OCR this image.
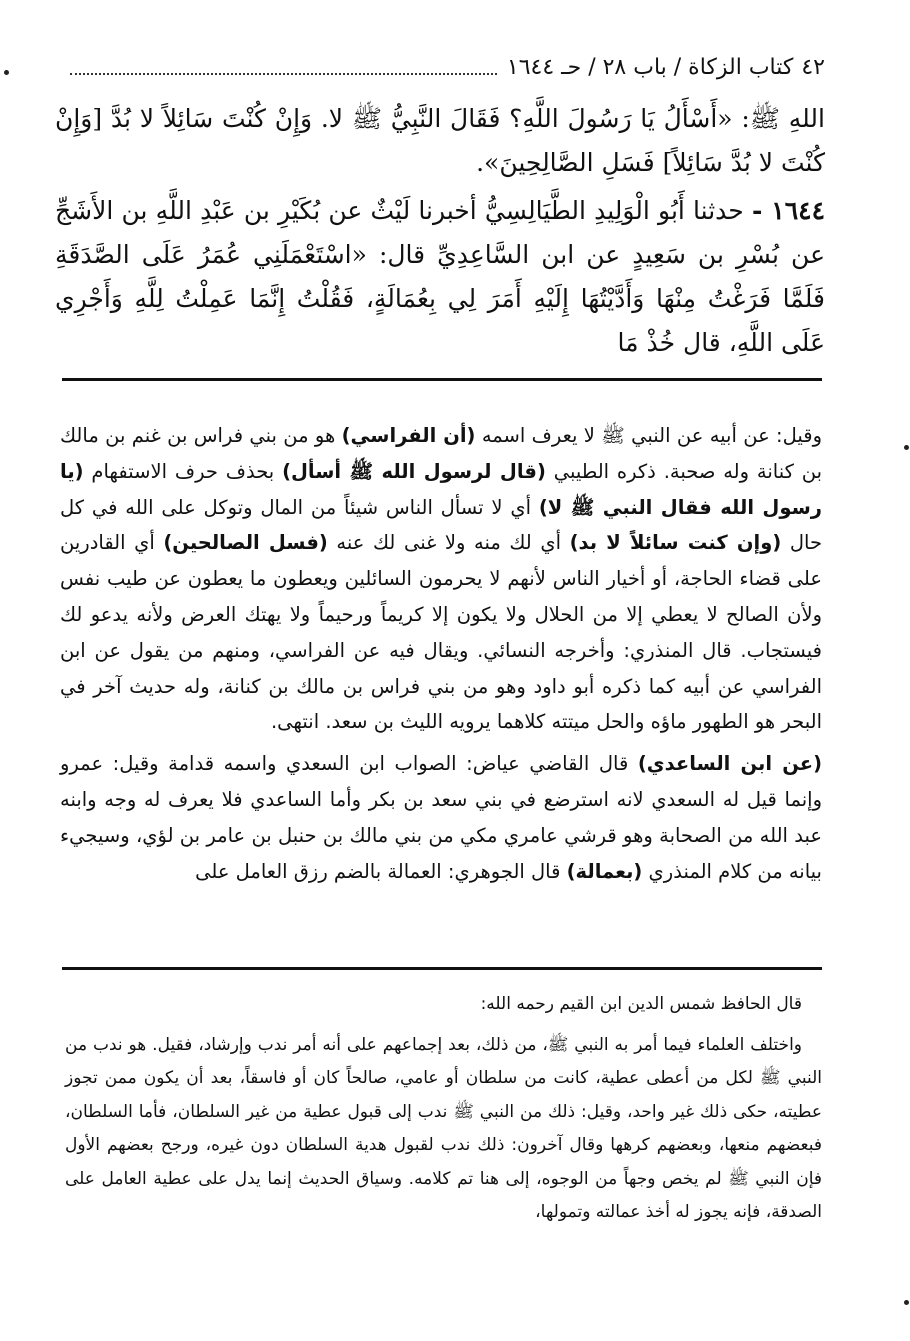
٤٢
كتاب الزكاة / باب ٢٨ / حـ ١٦٤٤

اللهِ ﷺ: «أَسْأَلُ يَا رَسُولَ اللَّهِ؟ فَقَالَ النَّبِيُّ ﷺ لا. وَإِنْ كُنْتَ سَائِلاً لا بُدَّ [وَإِنْ كُنْتَ لا بُدَّ سَائِلاً] فَسَلِ الصَّالِحِينَ».

١٦٤٤ - حدثنا أَبُو الْوَلِيدِ الطَّيَالِسِيُّ أخبرنا لَيْثٌ عن بُكَيْرِ بن عَبْدِ اللَّهِ بن الأَشَجِّ عن بُسْرِ بن سَعِيدٍ عن ابن السَّاعِدِيِّ قال: «اسْتَعْمَلَنِي عُمَرُ عَلَى الصَّدَقَةِ فَلَمَّا فَرَغْتُ مِنْهَا وَأَدَّيْتُهَا إِلَيْهِ أَمَرَ لِي بِعُمَالَةٍ، فَقُلْتُ إِنَّمَا عَمِلْتُ لِلَّهِ وَأَجْرِي عَلَى اللَّهِ، قال خُذْ مَا

وقيل: عن أبيه عن النبي ﷺ لا يعرف اسمه (أن الفراسي) هو من بني فراس بن غنم بن مالك بن كنانة وله صحبة. ذكره الطيبي (قال لرسول الله ﷺ أسأل) بحذف حرف الاستفهام (يا رسول الله فقال النبي ﷺ لا) أي لا تسأل الناس شيئاً من المال وتوكل على الله في كل حال (وإن كنت سائلاً لا بد) أي لك منه ولا غنى لك عنه (فسل الصالحين) أي القادرين على قضاء الحاجة، أو أخيار الناس لأنهم لا يحرمون السائلين ويعطون ما يعطون عن طيب نفس ولأن الصالح لا يعطي إلا من الحلال ولا يكون إلا كريماً ورحيماً ولا يهتك العرض ولأنه يدعو لك فيستجاب. قال المنذري: وأخرجه النسائي. ويقال فيه عن الفراسي، ومنهم من يقول عن ابن الفراسي عن أبيه كما ذكره أبو داود وهو من بني فراس بن مالك بن كنانة، وله حديث آخر في البحر هو الطهور ماؤه والحل ميتته كلاهما يرويه الليث بن سعد. انتهى.

(عن ابن الساعدي) قال القاضي عياض: الصواب ابن السعدي واسمه قدامة وقيل: عمرو وإنما قيل له السعدي لانه استرضع في بني سعد بن بكر وأما الساعدي فلا يعرف له وجه وابنه عبد الله من الصحابة وهو قرشي عامري مكي من بني مالك بن حنبل بن عامر بن لؤي، وسيجيء بيانه من كلام المنذري (بعمالة) قال الجوهري: العمالة بالضم رزق العامل على

قال الحافظ شمس الدين ابن القيم رحمه الله:

واختلف العلماء فيما أمر به النبي ﷺ، من ذلك، بعد إجماعهم على أنه أمر ندب وإرشاد، فقيل. هو ندب من النبي ﷺ لكل من أعطى عطية، كانت من سلطان أو عامي، صالحاً كان أو فاسقاً، بعد أن يكون ممن تجوز عطيته، حكى ذلك غير واحد، وقيل: ذلك من النبي ﷺ ندب إلى قبول عطية من غير السلطان، فأما السلطان، فبعضهم منعها، وبعضهم كرهها وقال آخرون: ذلك ندب لقبول هدية السلطان دون غيره، ورجح بعضهم الأول فإن النبي ﷺ لم يخص وجهاً من الوجوه، إلى هنا تم كلامه. وسياق الحديث إنما يدل على عطية العامل على الصدقة، فإنه يجوز له أخذ عمالته وتمولها،
